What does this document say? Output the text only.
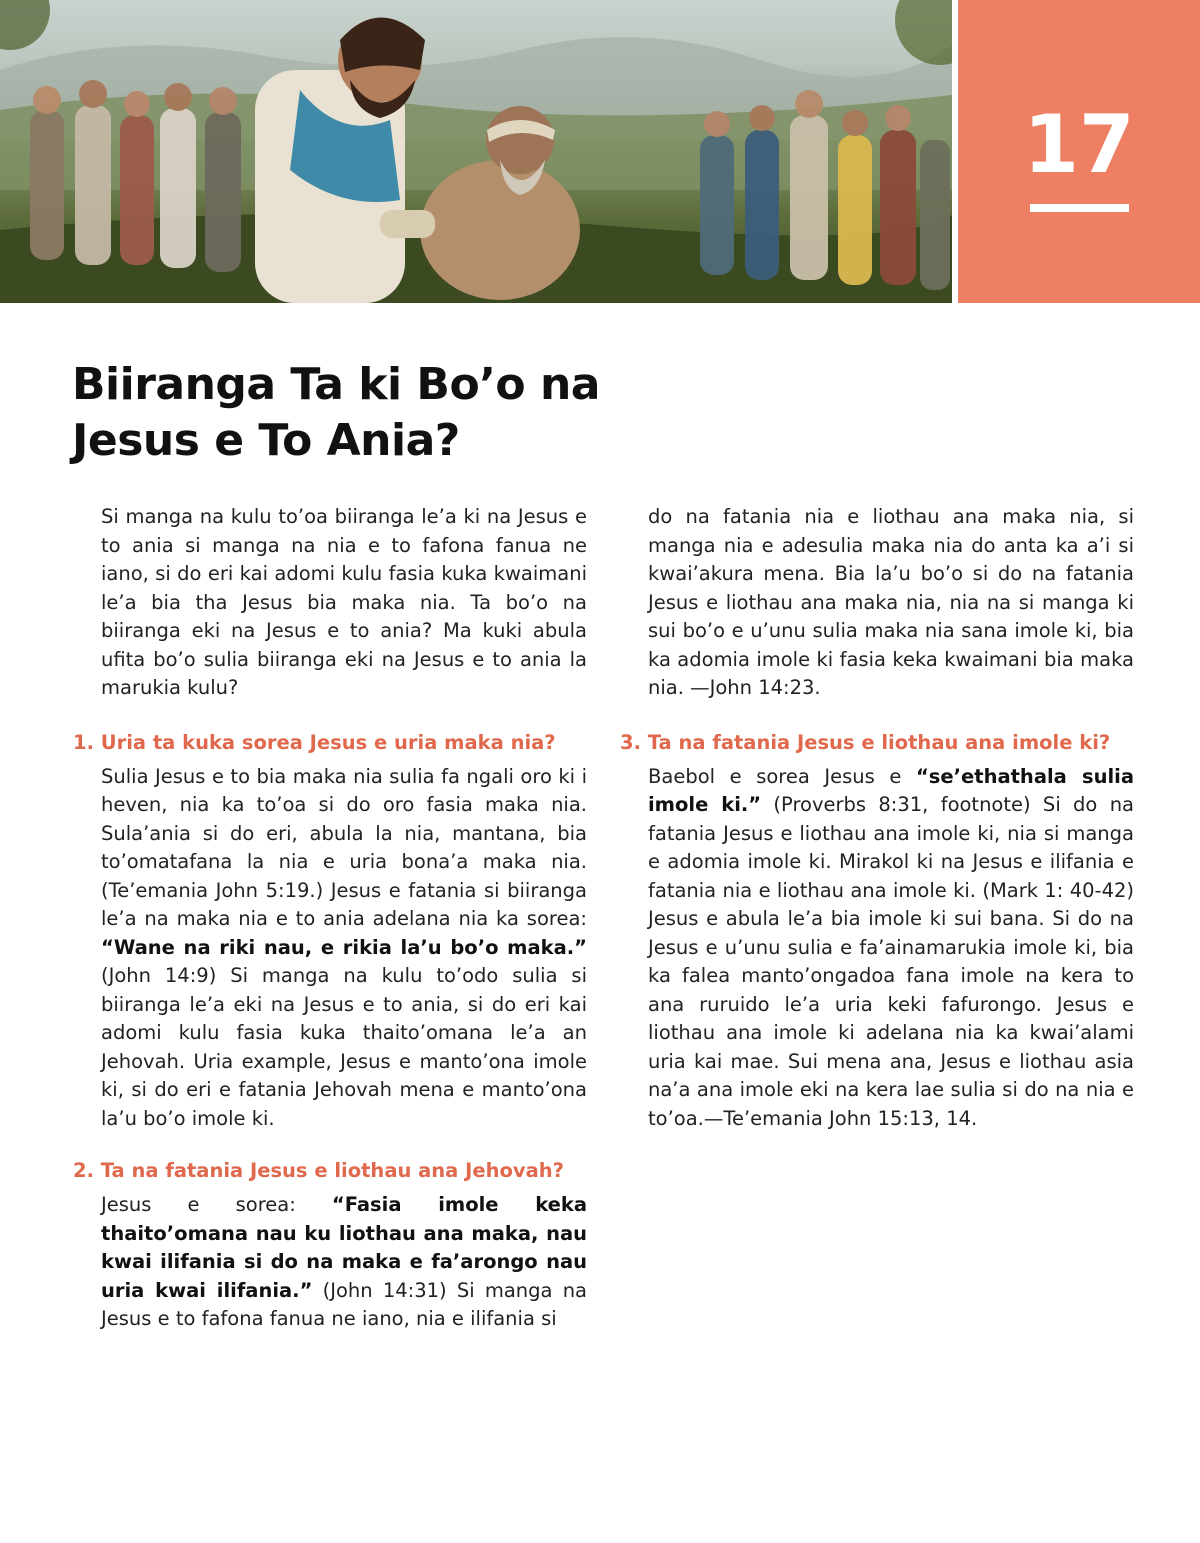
17
Biiranga Ta ki Bo’o na Jesus e To Ania?

Si manga na kulu to’oa biiranga le’a ki na Jesus e to ania si manga na nia e to fafona fanua ne iano, si do eri kai adomi kulu fasia kuka kwaimani le’a bia tha Jesus bia maka nia. Ta bo’o na biiranga eki na Jesus e to ania? Ma kuki abula ufita bo’o sulia biiranga eki na Jesus e to ania la marukia kulu?

1. Uria ta kuka sorea Jesus e uria maka nia?

Sulia Jesus e to bia maka nia sulia fa ngali oro ki i heven, nia ka to’oa si do oro fasia maka nia. Sula’ania si do eri, abula la nia, mantana, bia to’omatafana la nia e uria bona’a maka nia. (Te’emania John 5:19.) Jesus e fatania si biiranga le’a na maka nia e to ania adelana nia ka sorea: “Wane na riki nau, e rikia la’u bo’o maka.” (John 14:9) Si manga na kulu to’odo sulia si biiranga le’a eki na Jesus e to ania, si do eri kai adomi kulu fasia kuka thaito’omana le’a an Jehovah. Uria example, Jesus e manto’ona imole ki, si do eri e fatania Jehovah mena e manto’ona la’u bo’o imole ki.

2. Ta na fatania Jesus e liothau ana Jehovah?

Jesus e sorea: “Fasia imole keka thaito’omana nau ku liothau ana maka, nau kwai ilifania si do na maka e fa’arongo nau uria kwai ilifania.” (John 14:31) Si manga na Jesus e to fafona fanua ne iano, nia e ilifania si

do na fatania nia e liothau ana maka nia, si manga nia e adesulia maka nia do anta ka a’i si kwai’akura mena. Bia la’u bo’o si do na fatania Jesus e liothau ana maka nia, nia na si manga ki sui bo’o e u’unu sulia maka nia sana imole ki, bia ka adomia imole ki fasia keka kwaimani bia maka nia. —John 14:23.

3. Ta na fatania Jesus e liothau ana imole ki?

Baebol e sorea Jesus e “se’ethathala sulia imole ki.” (Proverbs 8:31, footnote) Si do na fatania Jesus e liothau ana imole ki, nia si manga e adomia imole ki. Mirakol ki na Jesus e ilifania e fatania nia e liothau ana imole ki. (Mark 1: 40-42) Jesus e abula le’a bia imole ki sui bana. Si do na Jesus e u’unu sulia e fa’ainamarukia imole ki, bia ka falea manto’ongadoa fana imole na kera to ana ruruido le’a uria keki fafurongo. Jesus e liothau ana imole ki adelana nia ka kwai’alami uria kai mae. Sui mena ana, Jesus e liothau asia na’a ana imole eki na kera lae sulia si do na nia e to’oa.—Te’emania John 15:13, 14.
